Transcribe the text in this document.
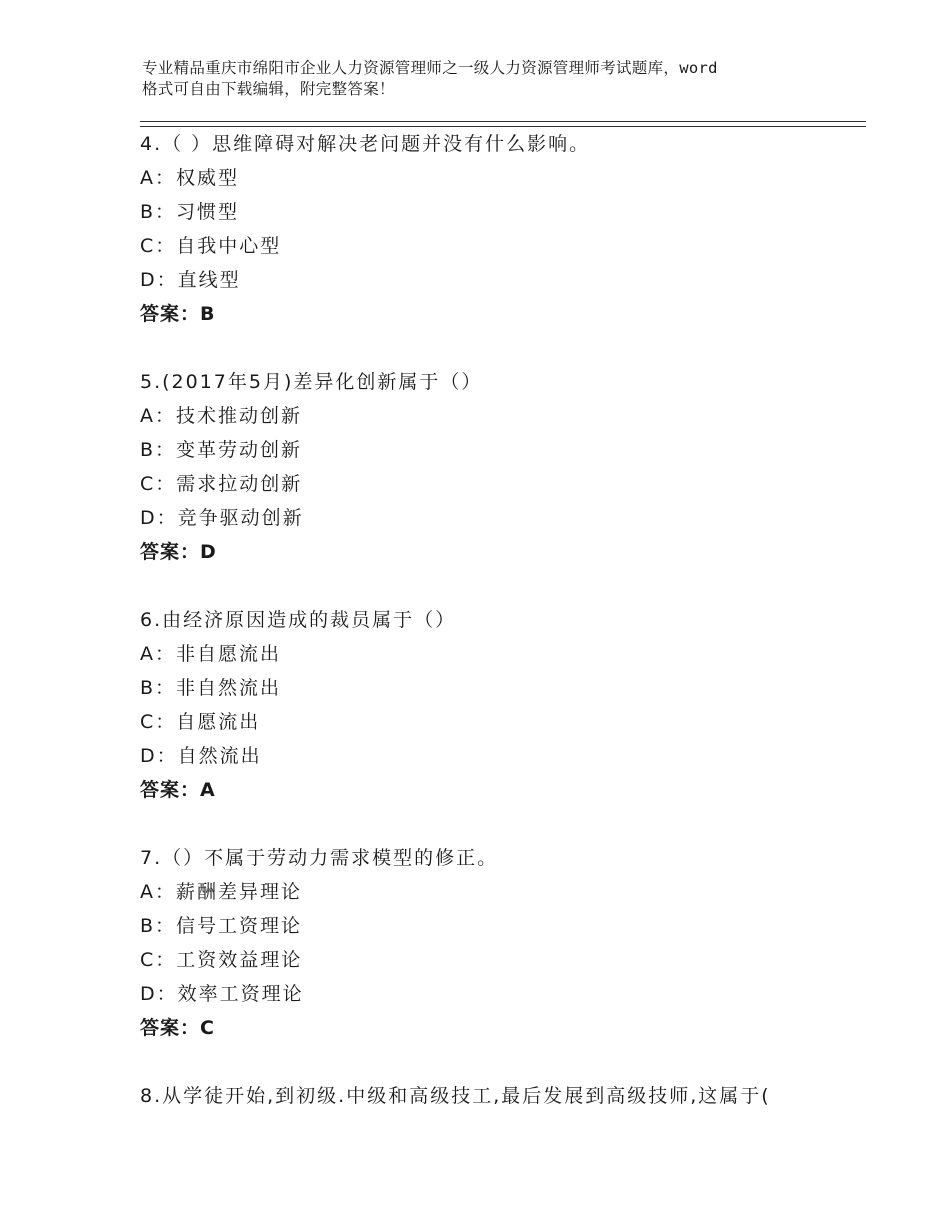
专业精品重庆市绵阳市企业人力资源管理师之一级人力资源管理师考试题库，word
格式可自由下载编辑，附完整答案！
4.（ ）思维障碍对解决老问题并没有什么影响。
A：权威型
B：习惯型
C：自我中心型
D：直线型
答案：B
5.(2017年5月)差异化创新属于（）
A：技术推动创新
B：变革劳动创新
C：需求拉动创新
D：竞争驱动创新
答案：D
6.由经济原因造成的裁员属于（）
A：非自愿流出
B：非自然流出
C：自愿流出
D：自然流出
答案：A
7.（）不属于劳动力需求模型的修正。
A：薪酬差异理论
B：信号工资理论
C：工资效益理论
D：效率工资理论
答案：C
8.从学徒开始,到初级.中级和高级技工,最后发展到高级技师,这属于(
